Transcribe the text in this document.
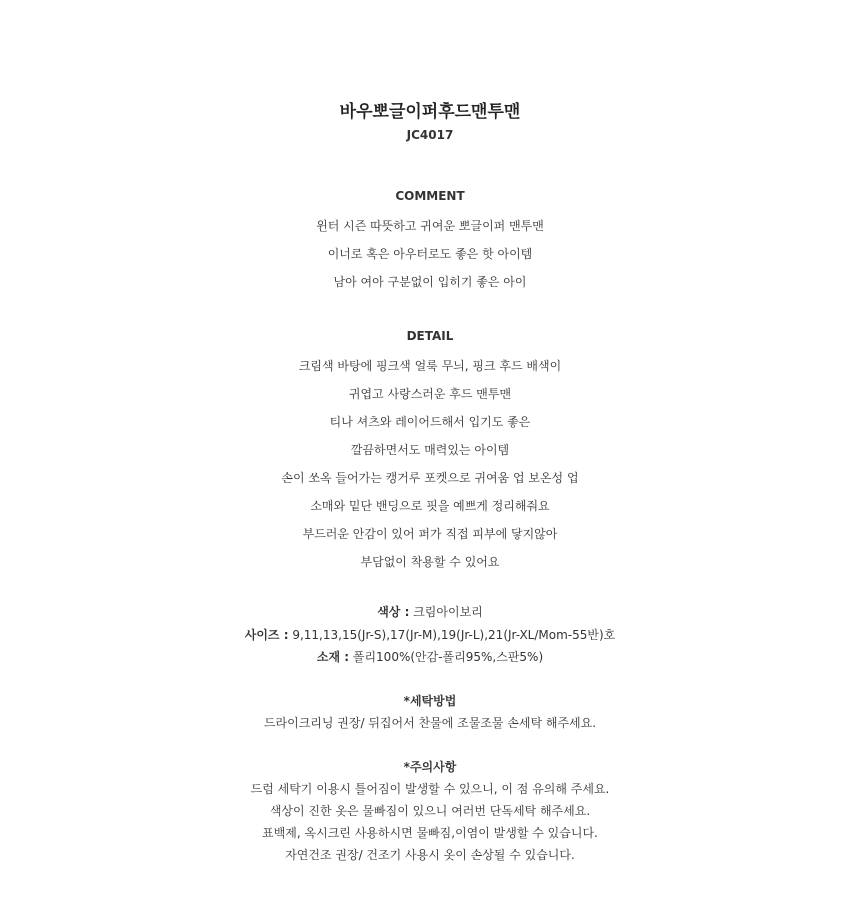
바우뽀글이퍼후드맨투맨
JC4017
COMMENT
윈터 시즌 따뜻하고 귀여운 뽀글이퍼 맨투맨
이너로 혹은 아우터로도 좋은 핫 아이템
남아 여아 구분없이 입히기 좋은 아이
DETAIL
크림색 바탕에 핑크색 얼룩 무늬, 핑크 후드 배색이
귀엽고 사랑스러운 후드 맨투맨
티나 셔츠와 레이어드해서 입기도 좋은
깔끔하면서도 매력있는 아이템
손이 쏘옥 들어가는 캥거루 포켓으로 귀여움 업 보온성 업
소매와 밑단 밴딩으로 핏을 예쁘게 정리해줘요
부드러운 안감이 있어 퍼가 직접 피부에 닿지않아
부담없이 착용할 수 있어요
색상 : 크림아이보리
사이즈 : 9,11,13,15(Jr-S),17(Jr-M),19(Jr-L),21(Jr-XL/Mom-55반)호
소재 : 폴리100%(안감-폴리95%,스판5%)
*세탁방법
드라이크리닝 권장/ 뒤집어서 찬물에 조물조물 손세탁 해주세요.
*주의사항
드럼 세탁기 이용시 틀어짐이 발생할 수 있으니, 이 점 유의해 주세요.
색상이 진한 옷은 물빠짐이 있으니 여러번 단독세탁 해주세요.
표백제, 옥시크린 사용하시면 물빠짐,이염이 발생할 수 있습니다.
자연건조 권장/ 건조기 사용시 옷이 손상될 수 있습니다.
